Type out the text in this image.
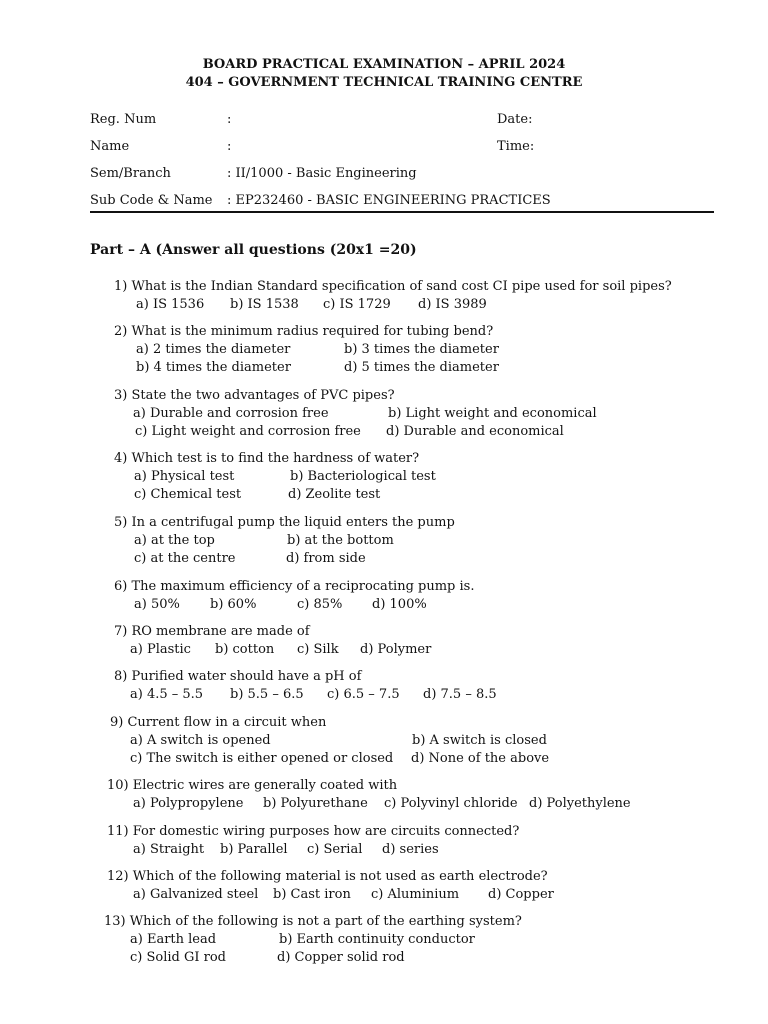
BOARD PRACTICAL EXAMINATION – APRIL 2024
404 – GOVERNMENT TECHNICAL TRAINING CENTRE
Reg. Num	:	Date:
Name	:	Time:
Sem/Branch	: II/1000 - Basic Engineering
Sub Code & Name : EP232460 - BASIC ENGINEERING PRACTICES
Part – A (Answer all questions (20x1 =20)
1) What is the Indian Standard specification of sand cost CI pipe used for soil pipes?
a) IS 1536 b) IS 1538 c) IS 1729 d) IS 3989
2) What is the minimum radius required for tubing bend?
a) 2 times the diameter	b) 3 times the diameter
b) 4 times the diameter	d) 5 times the diameter
3) State the two advantages of PVC pipes?
a) Durable and corrosion free	b) Light weight and economical
c) Light weight and corrosion free d) Durable and economical
4) Which test is to find the hardness of water?
a) Physical test	b) Bacteriological test
c) Chemical test	d) Zeolite test
5) In a centrifugal pump the liquid enters the pump
a) at the top	b) at the bottom
c) at the centre	d) from side
6) The maximum efficiency of a reciprocating pump is.
a) 50% b) 60%	c) 85% d) 100%
7) RO membrane are made of
a) Plastic b) cotton c) Silk d) Polymer
8) Purified water should have a pH of
a) 4.5 – 5.5 b) 5.5 – 6.5 c) 6.5 – 7.5 d) 7.5 – 8.5
9) Current flow in a circuit when
a) A switch is opened	b) A switch is closed
c) The switch is either opened or closed d) None of the above
10) Electric wires are generally coated with
a) Polypropylene b) Polyurethane c) Polyvinyl chloride d) Polyethylene
11) For domestic wiring purposes how are circuits connected?
a) Straight b) Parallel c) Serial d) series
12) Which of the following material is not used as earth electrode?
a) Galvanized steel b) Cast iron c) Aluminium d) Copper
13) Which of the following is not a part of the earthing system?
a) Earth lead	b) Earth continuity conductor
c) Solid GI rod	d) Copper solid rod
